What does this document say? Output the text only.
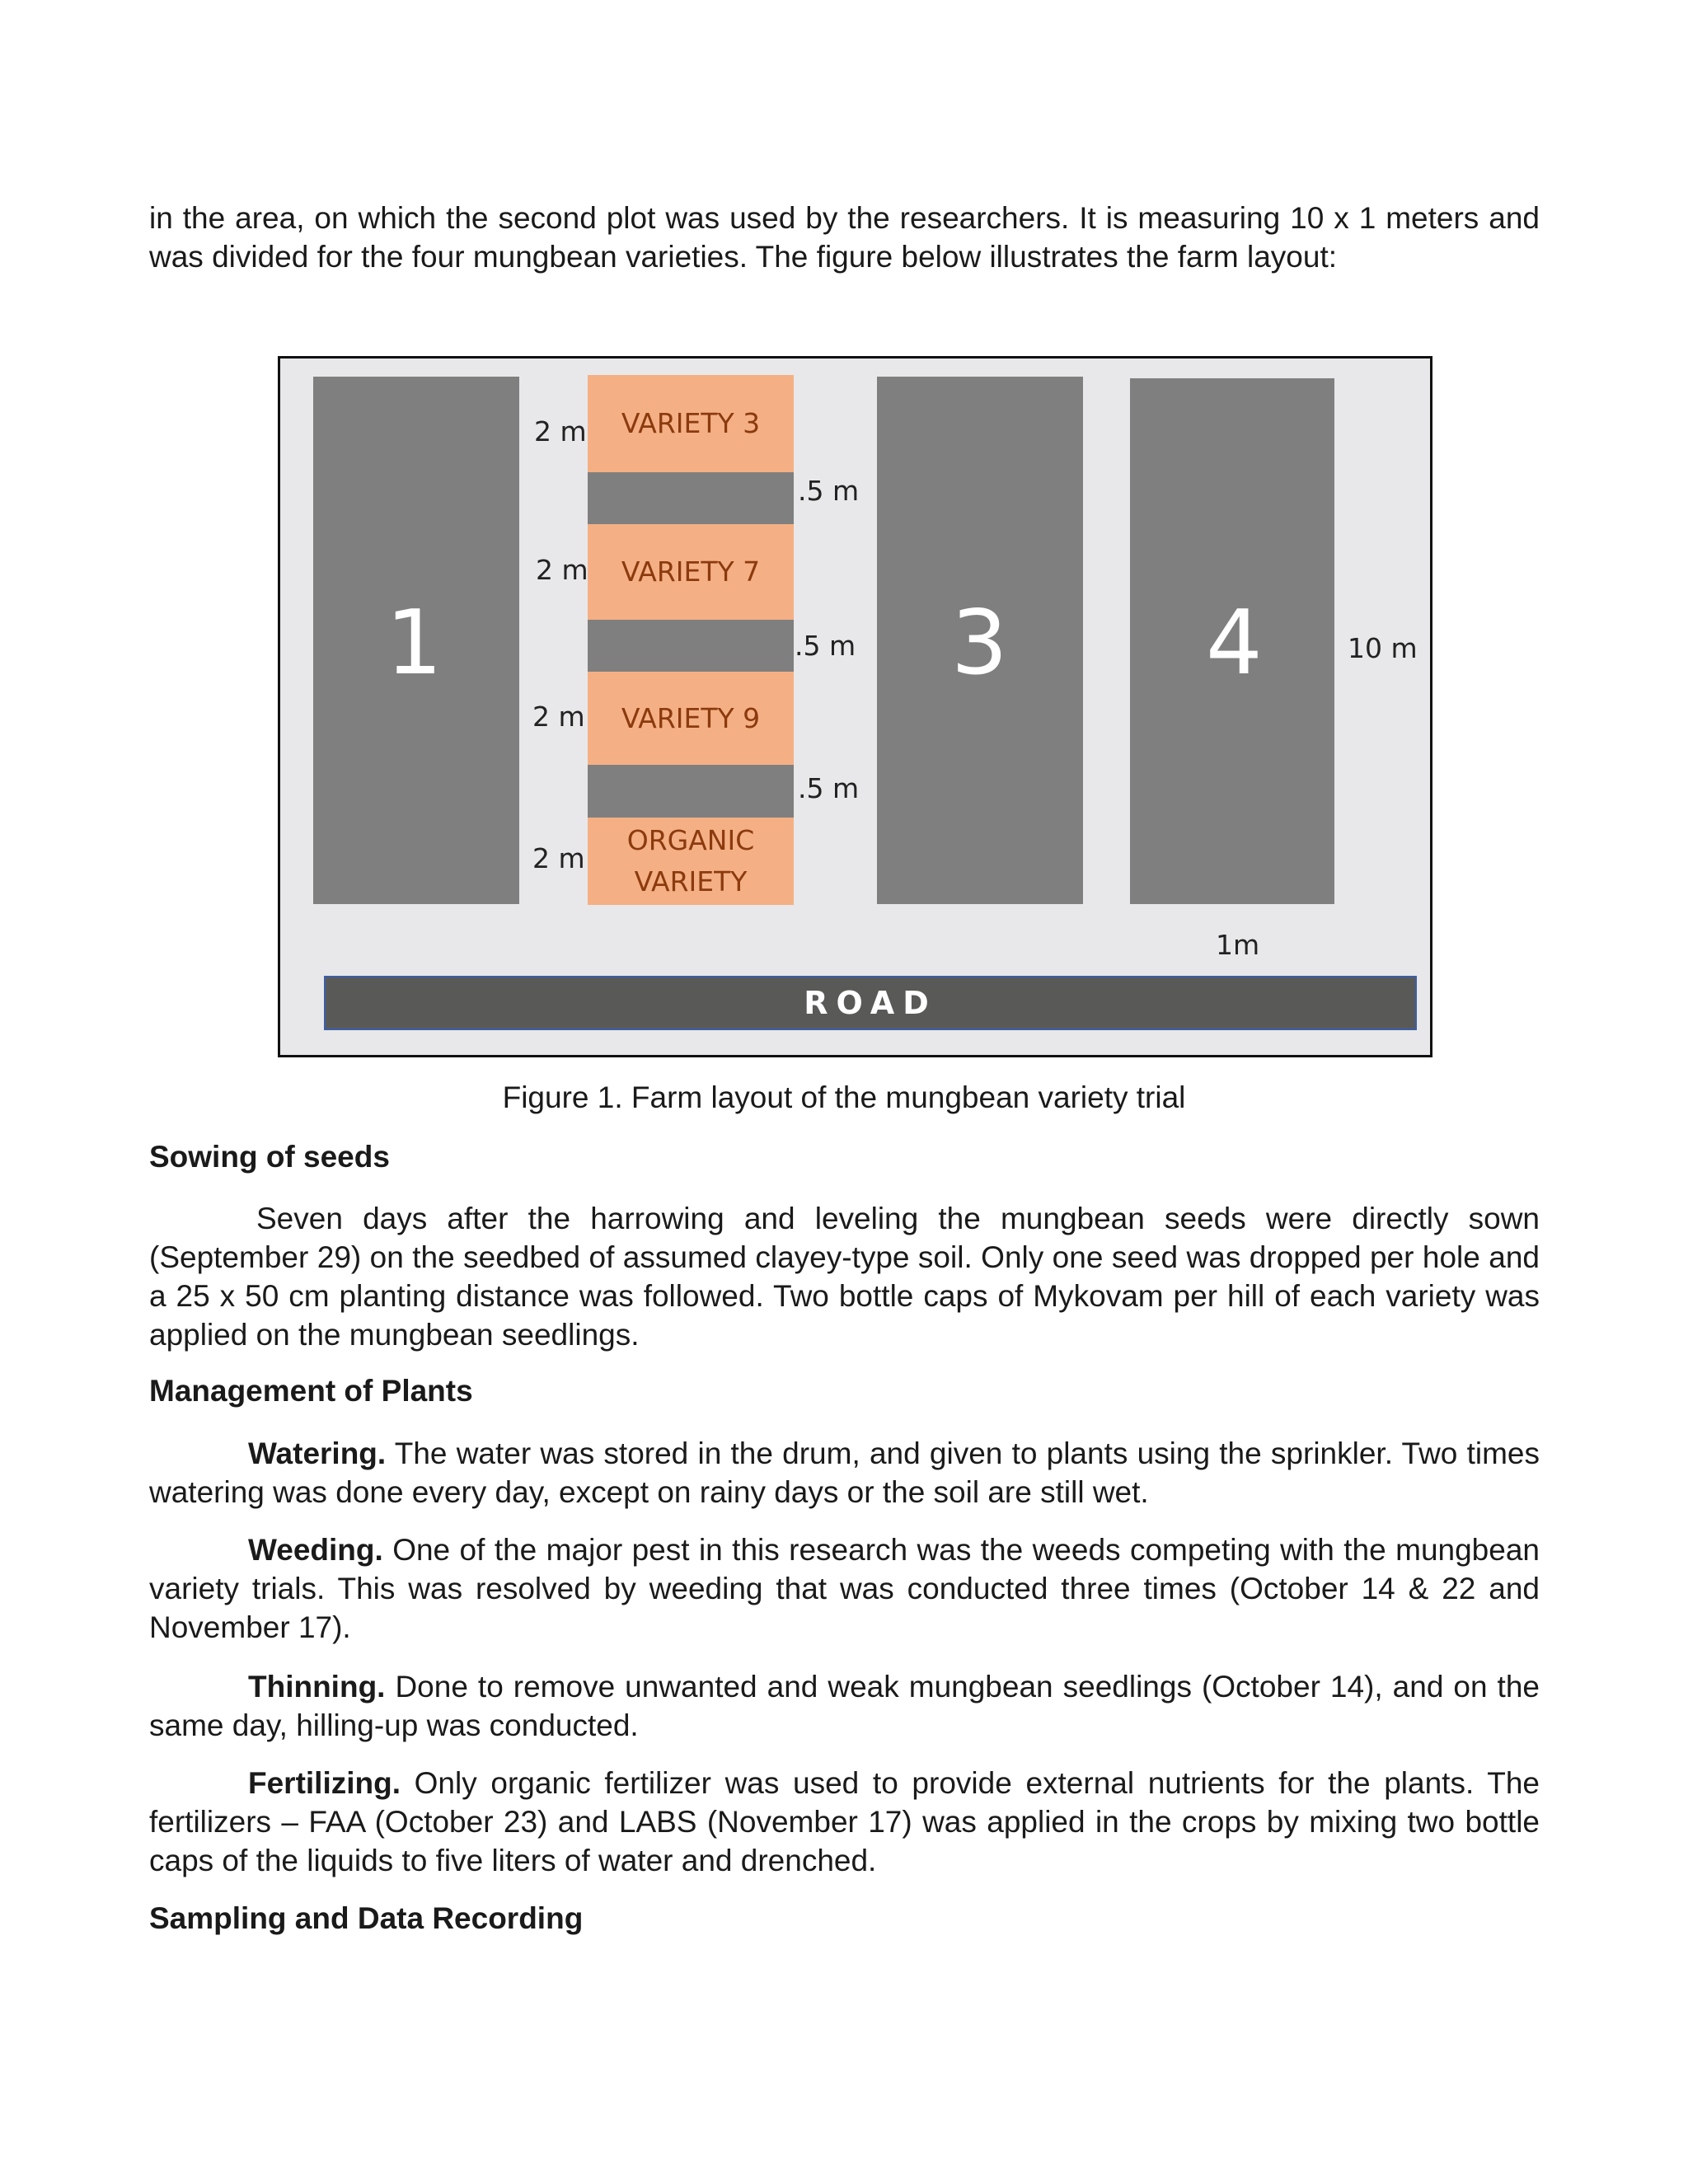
in the area, on which the second plot was used by the researchers. It is measuring 10 x 1 meters and was divided for the four mungbean varieties. The figure below illustrates the farm layout:

1
VARIETY 3
VARIETY 7
VARIETY 9
ORGANIC VARIETY
2 m
2 m
2 m
2 m
.5 m
.5 m
.5 m
3 4	10 m
1m
ROAD

Figure 1. Farm layout of the mungbean variety trial

Sowing of seeds

Seven days after the harrowing and leveling the mungbean seeds were directly sown (September 29) on the seedbed of assumed clayey-type soil. Only one seed was dropped per hole and a 25 x 50 cm planting distance was followed. Two bottle caps of Mykovam per hill of each variety was applied on the mungbean seedlings.

Management of Plants

Watering. The water was stored in the drum, and given to plants using the sprinkler. Two times watering was done every day, except on rainy days or the soil are still wet.

Weeding. One of the major pest in this research was the weeds competing with the mungbean variety trials. This was resolved by weeding that was conducted three times (October 14 & 22 and November 17).

Thinning. Done to remove unwanted and weak mungbean seedlings (October 14), and on the same day, hilling-up was conducted.

Fertilizing. Only organic fertilizer was used to provide external nutrients for the plants. The fertilizers – FAA (October 23) and LABS (November 17) was applied in the crops by mixing two bottle caps of the liquids to five liters of water and drenched.

Sampling and Data Recording
